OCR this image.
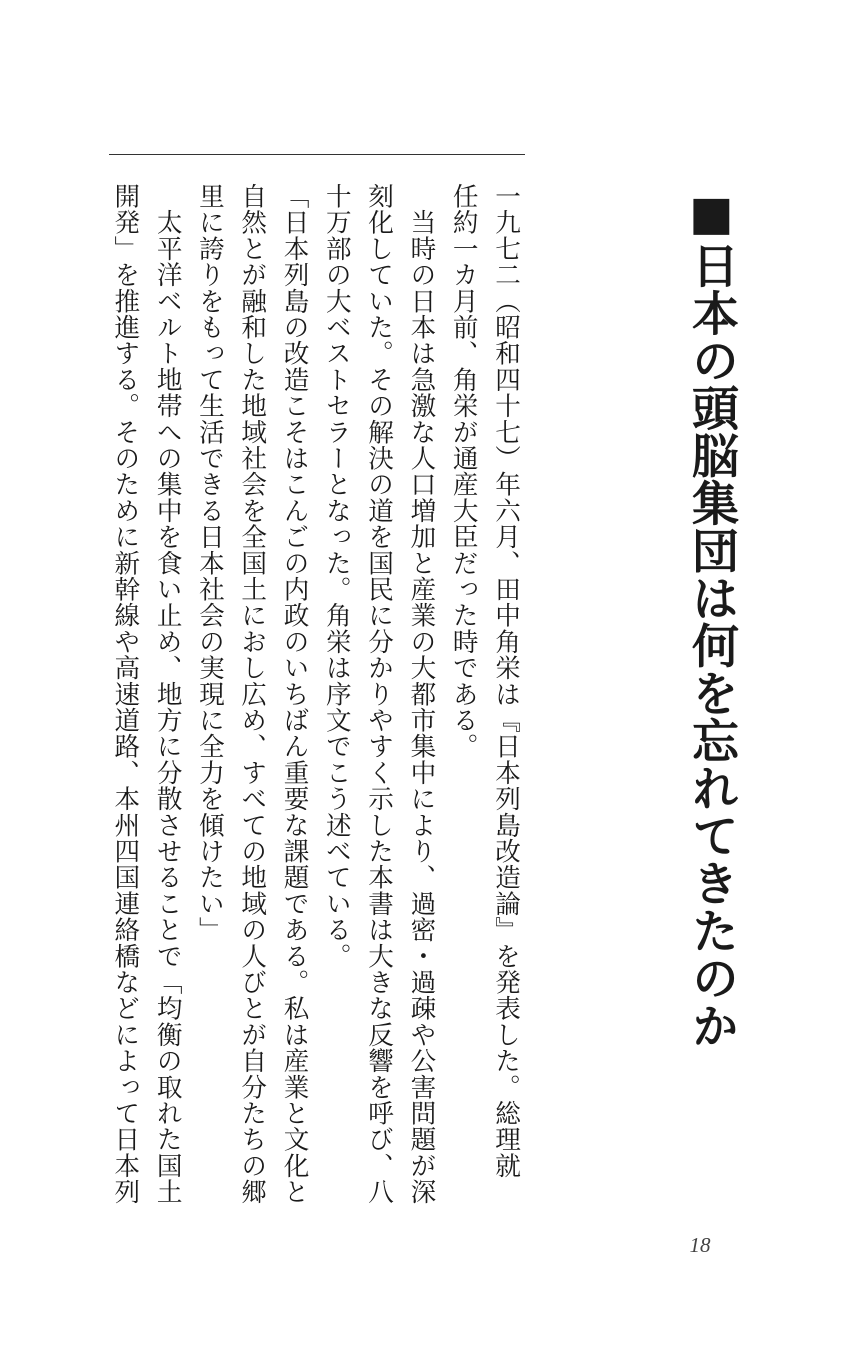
■日本の頭脳集団は何を忘れてきたのか
一九七二（昭和四十七）年六月、田中角栄は『日本列島改造論』を発表した。総理就
任約一カ月前、角栄が通産大臣だった時である。
　当時の日本は急激な人口増加と産業の大都市集中により、過密・過疎や公害問題が深
刻化していた。その解決の道を国民に分かりやすく示した本書は大きな反響を呼び、八
十万部の大ベストセラーとなった。角栄は序文でこう述べている。
「日本列島の改造こそはこんごの内政のいちばん重要な課題である。私は産業と文化と
自然とが融和した地域社会を全国土におし広め、すべての地域の人びとが自分たちの郷
里に誇りをもって生活できる日本社会の実現に全力を傾けたい」
　太平洋ベルト地帯への集中を食い止め、地方に分散させることで「均衡の取れた国土
開発」を推進する。そのために新幹線や高速道路、本州四国連絡橋などによって日本列
18
